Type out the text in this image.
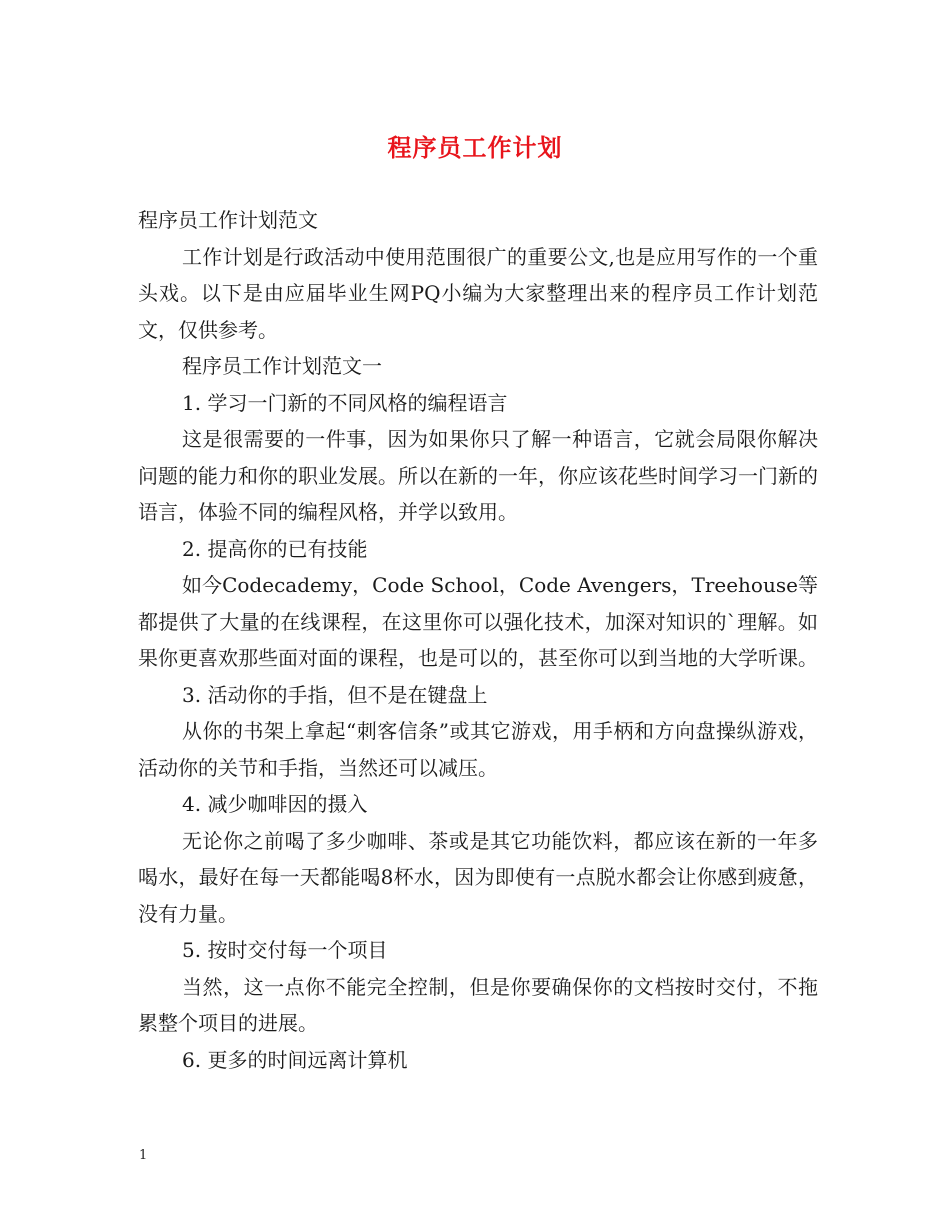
程序员工作计划

程序员工作计划范文

工作计划是行政活动中使用范围很广的重要公文,也是应用写作的一个重头戏。以下是由应届毕业生网PQ小编为大家整理出来的程序员工作计划范文，仅供参考。

程序员工作计划范文一

1. 学习一门新的不同风格的编程语言

这是很需要的一件事，因为如果你只了解一种语言，它就会局限你解决问题的能力和你的职业发展。所以在新的一年，你应该花些时间学习一门新的语言，体验不同的编程风格，并学以致用。

2. 提高你的已有技能

如今Codecademy，Code School，Code Avengers，Treehouse等都提供了大量的在线课程，在这里你可以强化技术，加深对知识的`理解。如果你更喜欢那些面对面的课程，也是可以的，甚至你可以到当地的大学听课。

3. 活动你的手指，但不是在键盘上

从你的书架上拿起“刺客信条”或其它游戏，用手柄和方向盘操纵游戏，活动你的关节和手指，当然还可以减压。

4. 减少咖啡因的摄入

无论你之前喝了多少咖啡、茶或是其它功能饮料，都应该在新的一年多喝水，最好在每一天都能喝8杯水，因为即使有一点脱水都会让你感到疲惫，没有力量。

5. 按时交付每一个项目

当然，这一点你不能完全控制，但是你要确保你的文档按时交付，不拖累整个项目的进展。

6. 更多的时间远离计算机

1
